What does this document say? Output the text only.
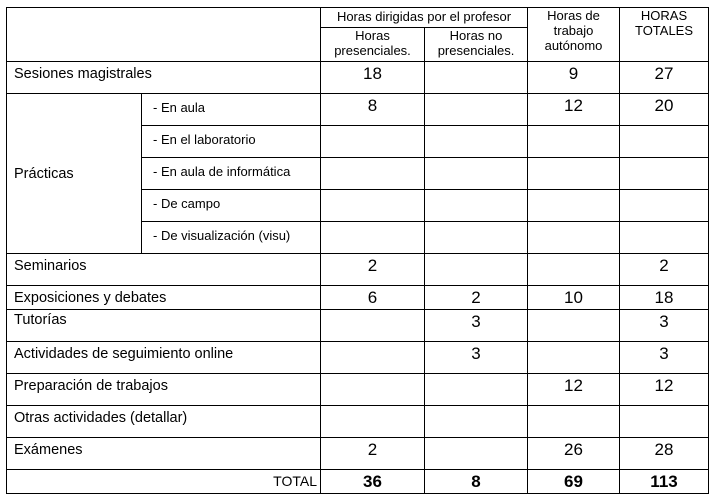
		Horas dirigidas por el profesor		Horas de trabajo autónomo	HORAS TOTALES
		Horas presenciales.	Horas no presenciales.		
Sesiones magistrales		18		9	27
Prácticas	- En aula	8		12	20
	- En el laboratorio				
	- En aula de informática				
	- De campo				
	- De visualización (visu)				
Seminarios		2			2
Exposiciones y debates		6	2	10	18
Tutorías			3		3
Actividades de seguimiento online			3		3
Preparación de trabajos				12	12
Otras actividades (detallar)					
Exámenes		2		26	28
	TOTAL	36	8	69	113
